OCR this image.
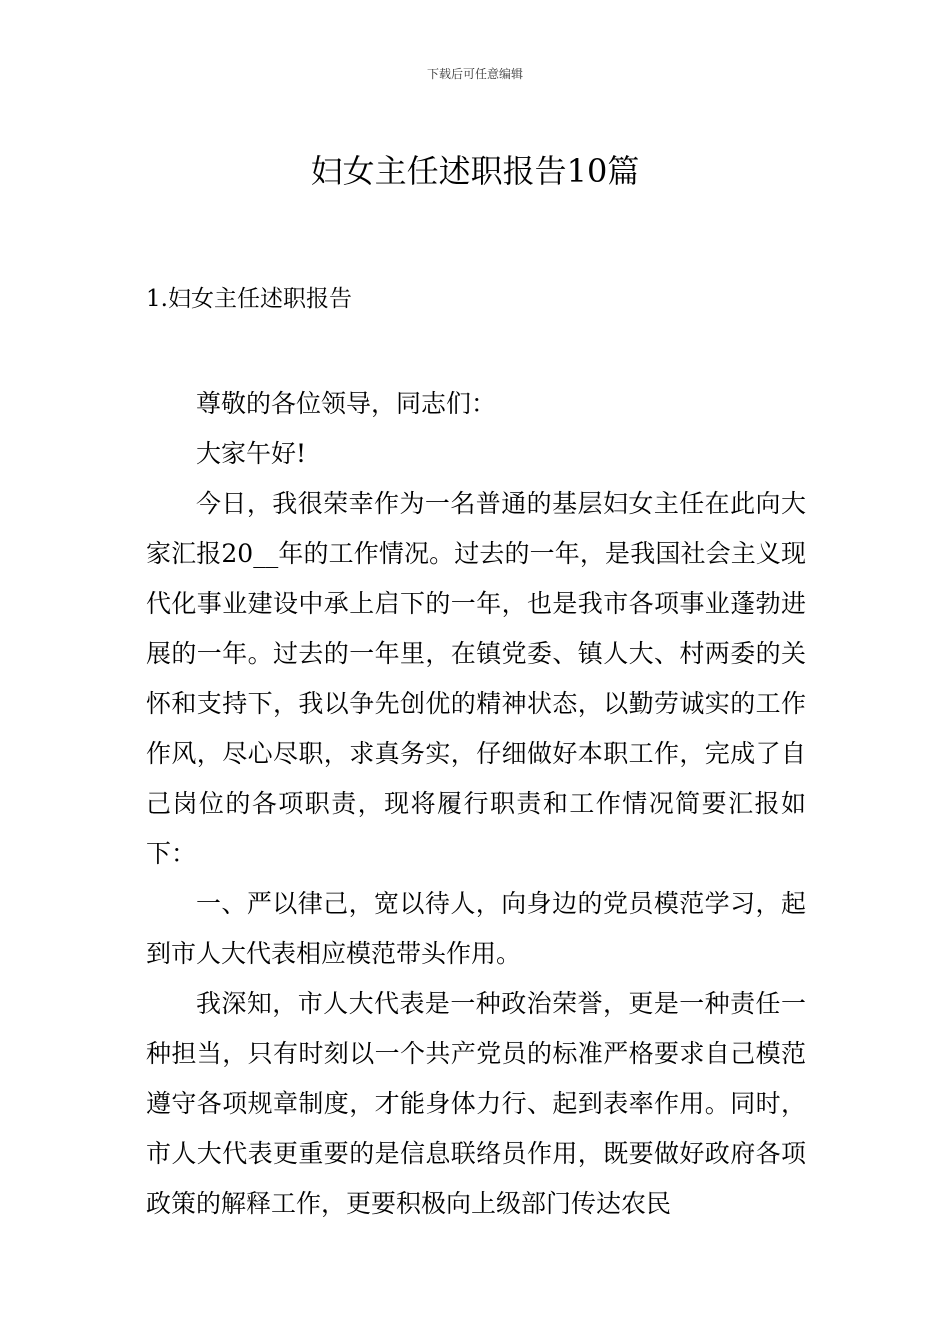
下载后可任意编辑
妇女主任述职报告10篇
1.妇女主任述职报告

尊敬的各位领导，同志们：

大家午好!

今日，我很荣幸作为一名普通的基层妇女主任在此向大家汇报20__年的工作情况。过去的一年，是我国社会主义现代化事业建设中承上启下的一年，也是我市各项事业蓬勃进展的一年。过去的一年里，在镇党委、镇人大、村两委的关怀和支持下，我以争先创优的精神状态，以勤劳诚实的工作作风，尽心尽职，求真务实，仔细做好本职工作，完成了自己岗位的各项职责，现将履行职责和工作情况简要汇报如下：

一、严以律己，宽以待人，向身边的党员模范学习，起到市人大代表相应模范带头作用。

我深知，市人大代表是一种政治荣誉，更是一种责任一种担当，只有时刻以一个共产党员的标准严格要求自己模范遵守各项规章制度，才能身体力行、起到表率作用。同时，市人大代表更重要的是信息联络员作用，既要做好政府各项政策的解释工作，更要积极向上级部门传达农民
